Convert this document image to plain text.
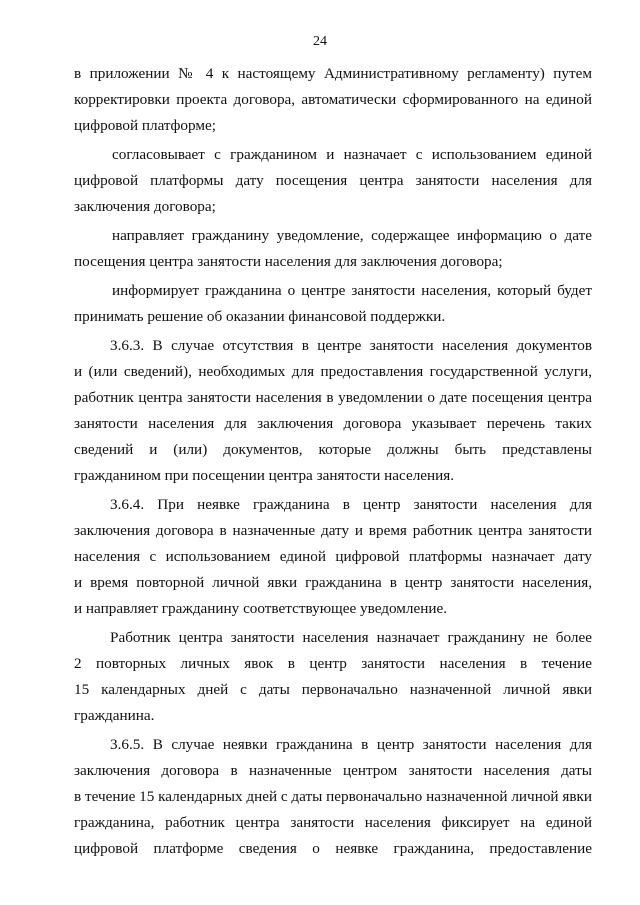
24
в приложении № 4 к настоящему Административному регламенту) путем
корректировки проекта договора, автоматически сформированного на единой
цифровой платформе;
согласовывает с гражданином и назначает с использованием единой
цифровой платформы дату посещения центра занятости населения для
заключения договора;
направляет гражданину уведомление, содержащее информацию о дате
посещения центра занятости населения для заключения договора;
информирует гражданина о центре занятости населения, который будет
принимать решение об оказании финансовой поддержки.
3.6.3. В случае отсутствия в центре занятости населения документов
и (или сведений), необходимых для предоставления государственной услуги,
работник центра занятости населения в уведомлении о дате посещения центра
занятости населения для заключения договора указывает перечень таких
сведений и (или) документов, которые должны быть представлены
гражданином при посещении центра занятости населения.
3.6.4. При неявке гражданина в центр занятости населения для
заключения договора в назначенные дату и время работник центра занятости
населения с использованием единой цифровой платформы назначает дату
и время повторной личной явки гражданина в центр занятости населения,
и направляет гражданину соответствующее уведомление.
Работник центра занятости населения назначает гражданину не более
2 повторных личных явок в центр занятости населения в течение
15 календарных дней с даты первоначально назначенной личной явки
гражданина.
3.6.5. В случае неявки гражданина в центр занятости населения для
заключения договора в назначенные центром занятости населения даты
в течение 15 календарных дней с даты первоначально назначенной личной явки
гражданина, работник центра занятости населения фиксирует на единой
цифровой платформе сведения о неявке гражданина, предоставление
